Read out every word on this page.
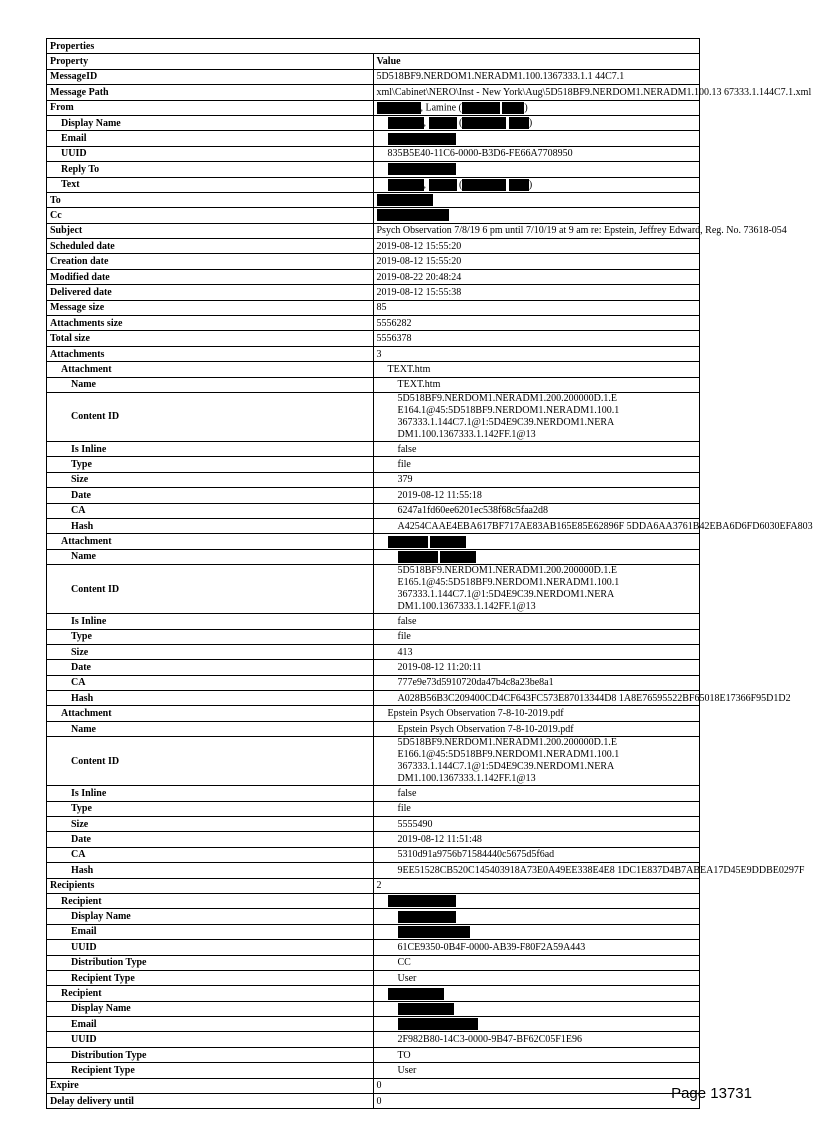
Properties	
Property	Value
MessageID	5D518BF9.NERDOM1.NERADM1.100.1367333.1.1 44C7.1
Message Path	xml\Cabinet\NERO\Inst - New York\Aug\5D518BF9.NERDOM1.NERADM1.100.13 67333.1.144C7.1.xml
From	, Lamine ( )
Display Name	, ( )
Email	
UUID	835B5E40-11C6-0000-B3D6-FE66A7708950
Reply To	
Text	, ( )
To	
Cc	
Subject	Psych Observation 7/8/19 6 pm until 7/10/19 at 9 am re: Epstein, Jeffrey Edward, Reg. No. 73618-054
Scheduled date	2019-08-12 15:55:20
Creation date	2019-08-12 15:55:20
Modified date	2019-08-22 20:48:24
Delivered date	2019-08-12 15:55:38
Message size	85
Attachments size	5556282
Total size	5556378
Attachments	3
Attachment	TEXT.htm
Name	TEXT.htm
Content ID	5D518BF9.NERDOM1.NERADM1.200.200000D.1.E E164.1@45:5D518BF9.NERDOM1.NERADM1.100.1 367333.1.144C7.1@1:5D4E9C39.NERDOM1.NERA DM1.100.1367333.1.142FF.1@13
Is Inline	false
Type	file
Size	379
Date	2019-08-12 11:55:18
CA	6247a1fd60ee6201ec538f68c5faa2d8
Hash	A4254CAAE4EBA617BF717AE83AB165E85E62896F 5DDA6AA3761B42EBA6D6FD6030EFA803
Attachment	
Name	
Content ID	5D518BF9.NERDOM1.NERADM1.200.200000D.1.E E165.1@45:5D518BF9.NERDOM1.NERADM1.100.1 367333.1.144C7.1@1:5D4E9C39.NERDOM1.NERA DM1.100.1367333.1.142FF.1@13
Is Inline	false
Type	file
Size	413
Date	2019-08-12 11:20:11
CA	777e9e73d5910720da47b4c8a23be8a1
Hash	A028B56B3C209400CD4CF643FC573E87013344D8 1A8E76595522BF65018E17366F95D1D2
Attachment	Epstein Psych Observation 7-8-10-2019.pdf
Name	Epstein Psych Observation 7-8-10-2019.pdf
Content ID	5D518BF9.NERDOM1.NERADM1.200.200000D.1.E E166.1@45:5D518BF9.NERDOM1.NERADM1.100.1 367333.1.144C7.1@1:5D4E9C39.NERDOM1.NERA DM1.100.1367333.1.142FF.1@13
Is Inline	false
Type	file
Size	5555490
Date	2019-08-12 11:51:48
CA	5310d91a9756b71584440c5675d5f6ad
Hash	9EE51528CB520C145403918A73E0A49EE338E4E8 1DC1E837D4B7ABEA17D45E9DDBE0297F
Recipients	2
Recipient	
Display Name	
Email	
UUID	61CE9350-0B4F-0000-AB39-F80F2A59A443
Distribution Type	CC
Recipient Type	User
Recipient	
Display Name	
Email	
UUID	2F982B80-14C3-0000-9B47-BF62C05F1E96
Distribution Type	TO
Recipient Type	User
Expire	0
Delay delivery until	0	Page 13731
